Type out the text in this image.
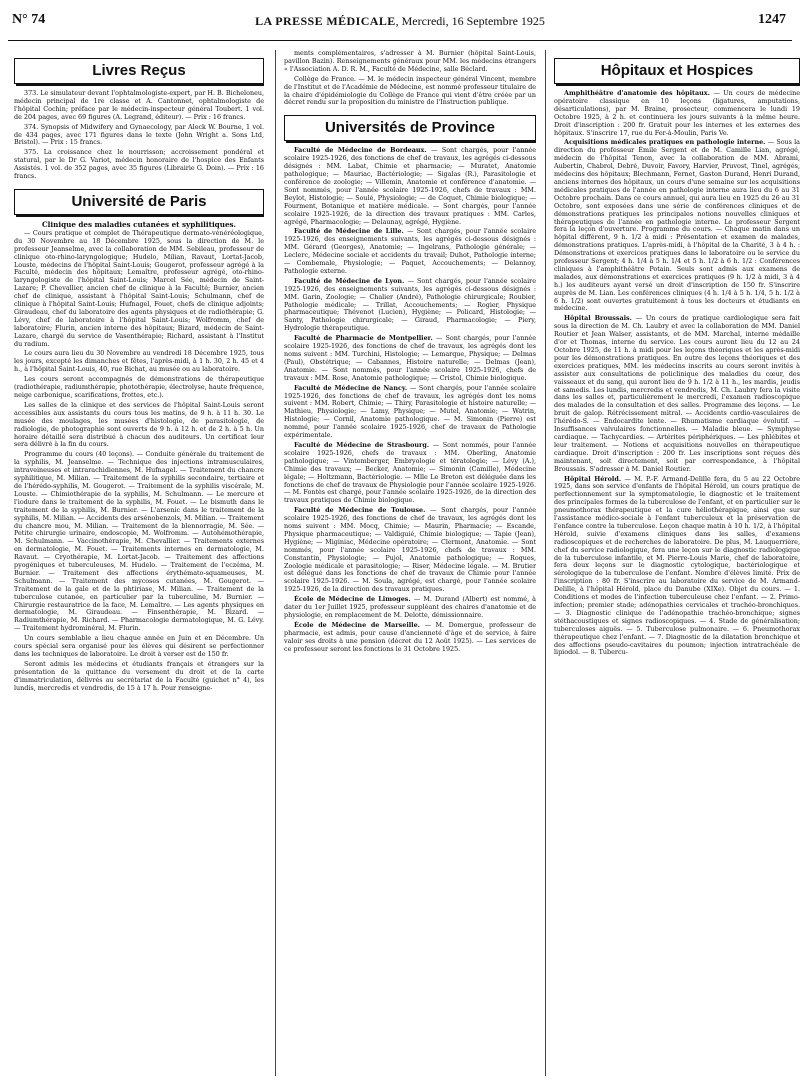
N° 74	LA PRESSE MÉDICALE, Mercredi, 16 Septembre 1925	1247
Livres Reçus

373. Le simulateur devant l'ophtalmologiste-expert, par H. B. Bicheloneu, médecin principal de 1re classe et A. Cantonnet, ophtalmologiste de l'hôpital Cochin; préface par le médecin-inspecteur général Toubert. 1 vol. de 204 pages, avec 69 figures (A. Legrand, éditeur). — Prix : 16 francs.

374. Synopsis of Midwifery and Gynaecology, par Aleck W. Bourne, 1 vol. de 434 pages, avec 171 figures dans le texte (John Wright a. Sons Ltd, Bristol). — Prix : 15 francs.

375. La croissance chez le nourrisson; accroissement pondéral et statural, par le Dr G. Variot, médecin honoraire de l'hospice des Enfants Assistés. 1 vol. de 352 pages, avec 35 figures (Librairie G. Doin). — Prix : 16 francs.

Université de Paris
Clinique des maladies cutanées et syphilitiques.

— Cours pratique et complet de Thérapeutique dermato-vénéréologique, du 30 Novembre au 18 Décembre 1925, sous la direction de M. le professeur Jeanselme, avec la collaboration de MM. Sebileau, professeur de clinique oto-rhino-laryngologique; Hudelo, Milian, Ravaut, Lortat-Jacob, Louste, médecins de l'hôpital Saint-Louis; Gougerot, professeur agrégé à la Faculté, médecin des hôpitaux; Lemaître, professeur agrégé, oto-rhino-laryngologiste de l'hôpital Saint-Louis; Marcel Sée, médecin de Saint-Lazare; P. Chevallier, ancien chef de clinique à la Faculté; Burnier, ancien chef de clinique, assistant à l'hôpital Saint-Louis; Schulmann, chef de clinique à l'hôpital Saint-Louis; Hufnagel, Fouet, chefs de clinique adjoints; Giraudeau, chef du laboratoire des agents physiques et de radiothérapie; G. Lévy, chef de laboratoire à l'hôpital Saint-Louis; Wolfromm, chef de laboratoire; Flurin, ancien interne des hôpitaux; Bizard, médecin de Saint-Lazare, chargé du service de Vasenthérapie; Richard, assistant à l'Institut du radium.

Le cours aura lieu du 30 Novembre au vendredi 18 Décembre 1925, tous les jours, excepté les dimanches et fêtes, l'après-midi, à 1 h. 30, 2 h. 45 et 4 h., à l'hôpital Saint-Louis, 40, rue Bichat, au musée ou au laboratoire.

Les cours seront accompagnés de démonstrations de thérapeutique (radiothérapie, radiumthérapie, photothérapie, électrolyse, haute fréquence, neige carbonique, scarifications, frottes, etc.).

Les salles de la clinique et des services de l'hôpital Saint-Louis seront accessibles aux assistants du cours tous les matins, de 9 h. à 11 h. 30. Le musée des moulages, les musées d'histologie, de parasitologie, de radiologie, de photographie sont ouverts de 9 h. à 12 h. et de 2 h. à 5 h. Un horaire détaillé sera distribué à chacun des auditeurs. Un certificat leur sera délivré à la fin du cours.

Programme du cours (40 leçons). — Conduite générale du traitement de la syphilis, M. Jeanselme. — Technique des injections intramusculaires, intraveineuses et intrarachidiennes, M. Hufnagel. — Traitement du chancre syphilitique, M. Milian. — Traitement de la syphilis secondaire, tertiaire et de l'hérédo-syphilis, M. Gougerot. — Traitement de la syphilis viscérale, M. Louste. — Chimiothérapie de la syphilis, M. Schulmann. — Le mercure et l'iodure dans le traitement de la syphilis, M. Fouet. — Le bismuth dans le traitement de la syphilis, M. Burnier. — L'arsenic dans le traitement de la syphilis, M. Milian. — Accidents des arsénobenzols, M. Milian. — Traitement du chancre mou, M. Milian. — Traitement de la blennorragie, M. Sée. — Petite chirurgie urinaire, endoscopie, M. Wolfromm. — Autohémothérapie, M. Schulmann. — Vaccinothérapie, M. Chevallier. — Traitements externes en dermatologie, M. Fouet. — Traitements internes en dermatologie, M. Ravaut. — Cryothérapie, M. Lortat-Jacob. — Traitement des affections pyogéniques et tuberculeuses, M. Hudelo. — Traitement de l'eczéma, M. Burnier. — Traitement des affections érythémato-squameuses, M. Schulmann. — Traitement des mycoses cutanées, M. Gougerot. — Traitement de la gale et de la phtiriase, M. Milian. — Traitement de la tuberculose cutanée, en particulier par la tuberculine, M. Burnier. — Chirurgie restauratrice de la face, M. Lemaître. — Les agents physiques en dermatologie, M. Giraudeau. — Finsenthérapie, M. Bizard. — Radiumthérapie, M. Richard. — Pharmacologie dermatologique, M. G. Lévy. — Traitement hydrominéral, M. Flurin.

Un cours semblable a lieu chaque année en Juin et en Décembre. Un cours spécial sera organisé pour les élèves qui désirent se perfectionner dans les techniques de laboratoire. Le droit à verser est de 150 fr.

Seront admis les médecins et étudiants français et étrangers sur la présentation de la quittance du versement du droit et de la carte d'immatriculation, délivrés au secrétariat de la Faculté (guichet n° 4), les lundis, mercredis et vendredis, de 15 à 17 h. Pour renseigne-

ments complémentaires, s'adresser à M. Burnier (hôpital Saint-Louis, pavillon Bazin). Renseignements généraux pour MM. les médecins étrangers « l'Association A. D. R. M., Faculté de Médecine, salle Béclard.

Collège de France. — M. le médecin inspecteur général Vincent, membre de l'Institut et de l'Académie de Médecine, est nommé professeur titulaire de la chaire d'épidémiologie du Collège de France qui vient d'être créée par un décret rendu sur la proposition du ministre de l'Instruction publique.

Universités de Province

Faculté de Médecine de Bordeaux. — Sont chargés, pour l'année scolaire 1925-1926, des fonctions de chef de travaux, les agrégés ci-dessous désignés : MM. Labat, Chimie et pharmacie; — Muratet, Anatomie pathologique; — Mauriac, Bactériologie; — Sigalas (R.), Parasitologie et conférence de zoologie; — Villemin, Anatomie et conférence d'anatomie. — Sont nommés, pour l'année scolaire 1925-1926, chefs de travaux : MM. Beylot, Histologie; — Soulé, Physiologie; — de Coquet, Chimie biologique; — Fourment, Botanique et matière médicale. — Sont chargés, pour l'année scolaire 1925-1926, de la direction des travaux pratiques : MM. Carles, agrégé, Pharmacologie; — Delaunay, agrégé, Hygiène.

Faculté de Médecine de Lille. — Sont chargés, pour l'année scolaire 1925-1926, des enseignements suivants, les agrégés ci-dessous désignés : MM. Gérard (Georges), Anatomie; — Ingelrans, Pathologie générale; — Leclerc, Médecine sociale et accidents du travail; Duhot, Pathologie interne; — Combemale, Physiologie; — Paquet, Accouchements; — Delannoy, Pathologie externe.

Faculté de Médecine de Lyon. — Sont chargés, pour l'année scolaire 1925-1926, des enseignements suivants, les agrégés ci-dessous désignés : MM. Garin, Zoologie; — Chalier (André), Pathologie chirurgicale; Roubier, Pathologie médicale; — Trillat, Accouchements; — Rogier, Physique pharmaceutique; Thévenot (Lucien), Hygiène; — Policard, Histologie; — Santy, Pathologie chirurgicale; — Giraud, Pharmacologie; — Piery, Hydrologie thérapeutique.

Faculté de Pharmacie de Montpellier. — Sont chargés, pour l'année scolaire 1925-1926, des fonctions de chef de travaux, les agrégés dont les noms suivent : MM. Turchini, Histologie; — Lemarque, Physique; — Delmas (Paul), Obstétrique; — Cabannes, Histoire naturelle; — Delmas (Jean), Anatomie. — Sont nommés, pour l'année scolaire 1925-1926, chefs de travaux : MM. Rose, Anatomie pathologique; — Cristol, Chimie biologique.

Faculté de Médecine de Nancy. — Sont chargés, pour l'année scolaire 1925-1926, des fonctions de chef de travaux, les agrégés dont les noms suivent : MM. Robert, Chimie; — Thiry, Parasitologie et histoire naturelle; — Mathieu, Physiologie; — Lamy, Physique; — Mutel, Anatomie; — Watrin, Histologie; — Cornil, Anatomie pathologique. — M. Simonin (Pierre) est nommé, pour l'année scolaire 1925-1926, chef de travaux de Pathologie expérimentale.

Faculté de Médecine de Strasbourg. — Sont nommés, pour l'année scolaire 1925-1926, chefs de travaux : MM. Oberling, Anatomie pathologique; — Vintemberger, Embryologie et tératologie; — Lévy (A.), Chimie des travaux; — Becker, Anatomie; — Simonin (Camille), Médecine légale; — Holtzmann, Bactériologie. — Mlle Le Breton est déléguée dans les fonctions de chef de travaux de Physiologie pour l'année scolaire 1925-1926. — M. Fontès est chargé, pour l'année scolaire 1925-1926, de la direction des travaux pratiques de Chimie biologique.

Faculté de Médecine de Toulouse. — Sont chargés, pour l'année scolaire 1925-1926, des fonctions de chef de travaux, les agrégés dont les noms suivent : MM. Mocq, Chimie; — Maurin, Pharmacie; — Escande, Physique pharmaceutique; — Valdiguié, Chimie biologique; — Tapie (Jean), Hygiène; — Miginiac, Médecine opératoire; — Clermont, Anatomie. — Sont nommés, pour l'année scolaire 1925-1926, chefs de travaux : MM. Constantin, Physiologie; — Pujol, Anatomie pathologique; — Roques, Zoologie médicale et parasitologie; — Riser, Médecine légale. — M. Brutier est délégué dans les fonctions de chef de travaux de Chimie pour l'année scolaire 1925-1926. — M. Soula, agrégé, est chargé, pour l'année scolaire 1925-1926, de la direction des travaux pratiques.

École de Médecine de Limoges. — M. Durand (Albert) est nommé, à dater du 1er Juillet 1925, professeur suppléant des chaires d'anatomie et de physiologie, en remplacement de M. Delotte, démissionnaire.

École de Médecine de Marseille. — M. Domergue, professeur de pharmacie, est admis, pour cause d'ancienneté d'âge et de service, à faire valoir ses droits à une pension (décret du 12 Août 1925). — Les services de ce professeur seront les fonctions le 31 Octobre 1925.

Hôpitaux et Hospices

Amphithéâtre d'anatomie des hôpitaux. — Un cours de médecine opératoire classique en 10 leçons (ligatures, amputations, désarticulations), par M. Braine, prosecteur, commencera le lundi 19 Octobre 1925, à 2 h. et continuera les jours suivants à la même heure. Droit d'inscription : 200 fr. Gratuit pour les internes et les externes des hôpitaux. S'inscrire 17, rue du Fer-à-Moulin, Paris Ve.

Acquisitions médicales pratiques en pathologie interne. — Sous la direction du professeur Émile Sergent et de M. Camille Lian, agrégé, médecin de l'hôpital Tenon, avec la collaboration de MM. Abrami, Aubertin, Chabrol, Debré, Duvoir, Favory, Harvier, Pruvost, Tinel, agrégés, médecins des hôpitaux; Blechmann, Fernet, Gaston Durand, Henri Durand, anciens internes des hôpitaux, un cours d'une semaine sur les acquisitions médicales pratiques de l'année en pathologie interne aura lieu du 6 au 31 Octobre prochain. Dans ce cours annuel, qui aura lieu en 1925 du 26 au 31 Octobre, sont exposées dans une série de conférences cliniques et de démonstrations pratiques les principales notions nouvelles cliniques et thérapeutiques de l'année en pathologie interne. Le professeur Sergent fera la leçon d'ouverture. Programme du cours. — Chaque matin dans un hôpital différent, 9 h. 1/2 à midi : Présentation et examen de malades, démonstrations pratiques. L'après-midi, à l'hôpital de la Charité, 3 à 4 h. : Démonstrations et exercices pratiques dans le laboratoire ou le service du professeur Sergent; 4 h. 1/4 à 5 h. 1/4 et 5 h. 1/2 à 6 h. 1/2 : Conférences cliniques à l'amphithéâtre Potain. Seuls sont admis aux examens de malades, aux démonstrations et exercices pratiques (9 h. 1/2 à midi, 3 à 4 h.) les auditeurs ayant versé un droit d'inscription de 150 fr. S'inscrire auprès de M. Lian. Les conférences cliniques (4 h. 1/4 à 5 h. 1/4, 5 h. 1/2 à 6 h. 1/2) sont ouvertes gratuitement à tous les docteurs et étudiants en médecine.

Hôpital Broussais. — Un cours de pratique cardiologique sera fait sous la direction de M. Ch. Laubry et avec la collaboration de MM. Daniel Routier et Jean Walser, assistants, et de MM. Marchal, interne médaille d'or et Thomas, interne du service. Les cours auront lieu du 12 au 24 Octobre 1925, de 11 h. à midi pour les leçons théoriques et les après-midi pour les démonstrations pratiques. En outre des leçons théoriques et des exercices pratiques, MM. les médecins inscrits au cours seront invités à assister aux consultations de policlinique des maladies du cœur, des vaisseaux et du sang, qui auront lieu de 9 h. 1/2 à 11 h., les mardis, jeudis et samedis. Les lundis, mercredis et vendredis, M. Ch. Laubry fera la visite dans les salles et, particulièrement le mercredi, l'examen radioscopique des malades de la consultation et des salles. Programme des leçons. — Le bruit de galop. Rétrécissement mitral. — Accidents cardio-vasculaires de l'hérédo-S. — Endocardite lente. — Rhumatisme cardiaque évolutif. — Insuffisances valvulaires fonctionnelles. — Maladie bleue. — Symphyse cardiaque. — Tachycardies. — Artérites périphériques. — Les phlébites et leur traitement. — Notions et acquisitions nouvelles en thérapeutique cardiaque. Droit d'inscription : 200 fr. Les inscriptions sont reçues dès maintenant, soit directement, soit par correspondance, à l'hôpital Broussais. S'adresser à M. Daniel Routier.

Hôpital Hérold. — M. P.-F. Armand-Delille fera, du 5 au 22 Octobre 1925, dans son service d'enfants de l'hôpital Hérold, un cours pratique de perfectionnement sur la symptomatologie, le diagnostic et le traitement des principales formes de la tuberculose de l'enfant, et en particulier sur le pneumothorax thérapeutique et la cure héliothérapique, ainsi que sur l'assistance médico-sociale à l'enfant tuberculeux et la préservation de l'enfance contre la tuberculose. Leçon chaque matin à 10 h. 1/2, à l'hôpital Hérold, suivie d'examens cliniques dans les salles, d'examens radioscopiques et de recherches de laboratoire. De plus, M. Lauquerrière, chef du service radiologique, fera une leçon sur le diagnostic radiologique de la tuberculose infantile, et M. Pierre-Louis Marie, chef de laboratoire, fera deux leçons sur le diagnostic cytologique, bactériologique et sérologique de la tuberculose de l'enfant. Nombre d'élèves limité. Prix de l'inscription : 80 fr. S'inscrire au laboratoire du service de M. Armand-Delille, à l'hôpital Hérold, place du Danube (XIXe). Objet du cours. — 1. Conditions et modes de l'infection tuberculeuse chez l'enfant. — 2. Primo-infection; premier stade; adénopathies cervicales et trachéo-bronchiques. — 3. Diagnostic clinique de l'adénopathie trachéo-bronchique; signes stéthacoustiques et signes radioscopiques. — 4. Stade de généralisation; tuberculoses aiguës. — 5. Tuberculose pulmonaire. — 6. Pneumothorax thérapeutique chez l'enfant. — 7. Diagnostic de la dilatation bronchique et des affections pseudo-cavitaires du poumon; injection intratrachéale de lipiodol. — 8. Tubercu-
